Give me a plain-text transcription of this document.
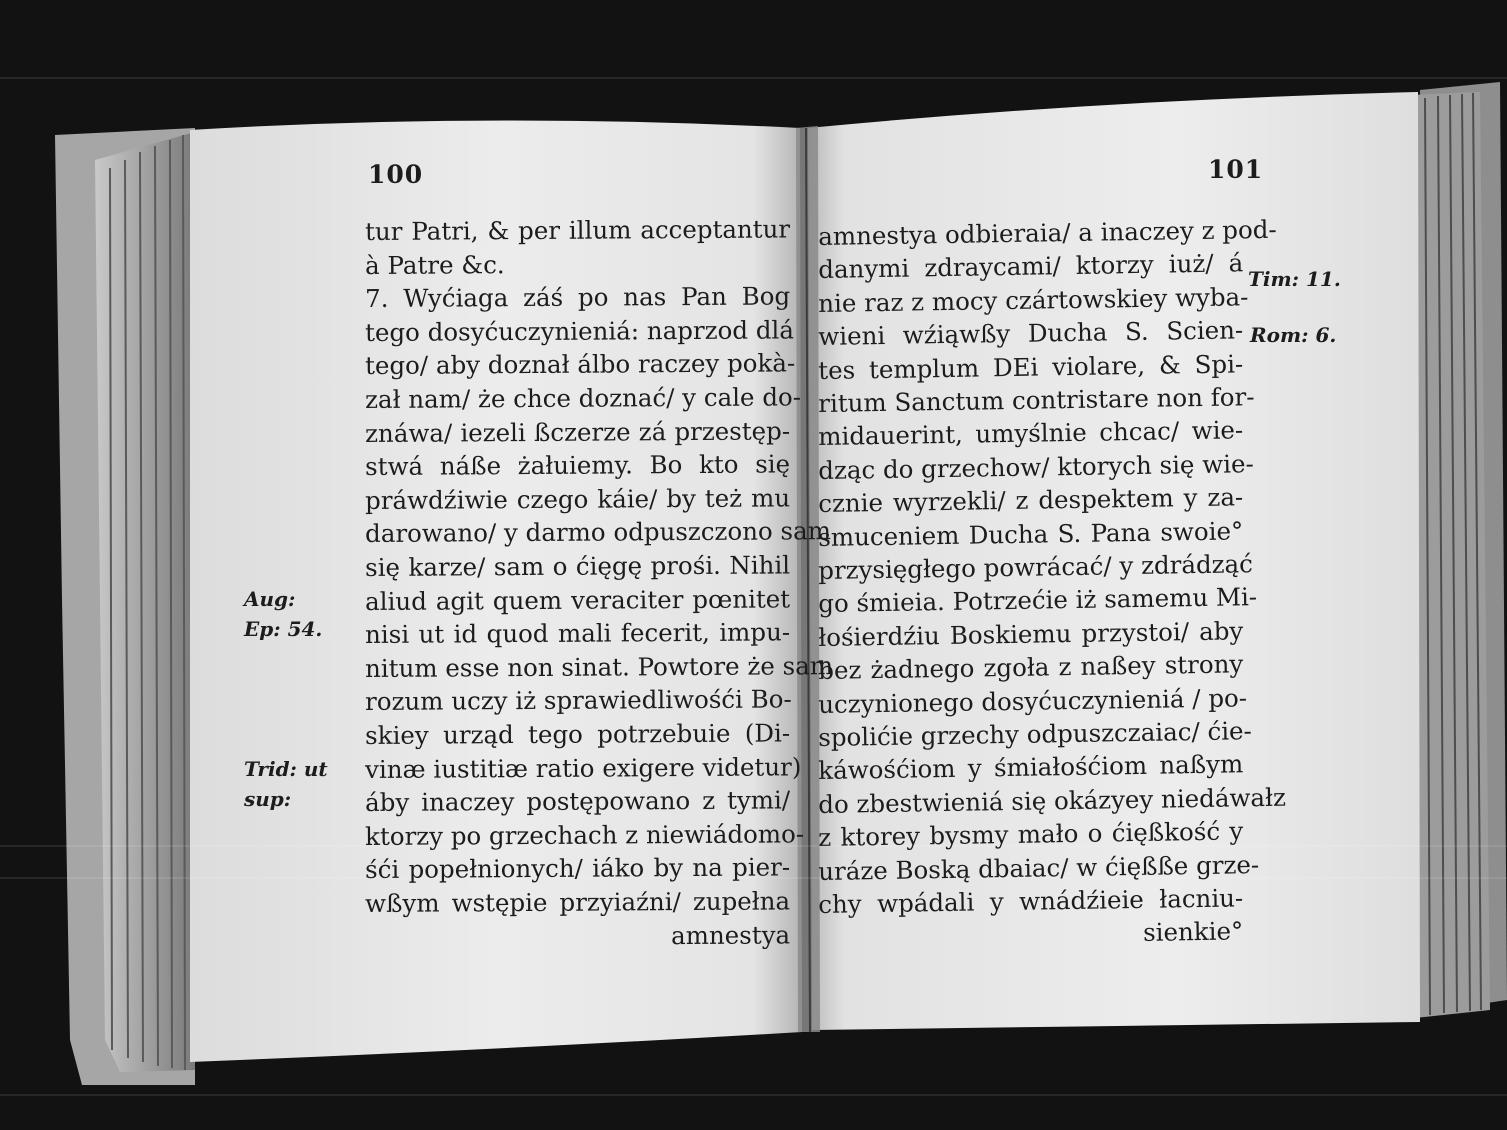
100
tur Patri, & per illum acceptantur
à Patre &c.
7. Wyćiaga záś po nas Pan Bog
tego dosyćuczynieniá: naprzod dlá
tego/ aby doznał álbo raczey pokà-
zał nam/ że chce doznać/ y cale do-
znáwa/ iezeli ßczerze zá przestęp-
stwá náße żałuiemy. Bo kto się
práwdźiwie czego káie/ by też mu
darowano/ y darmo odpuszczono sam
się karze/ sam o ćięgę prośi. Nihil
aliud agit quem veraciter pœnitet
nisi ut id quod mali fecerit, impu-
nitum esse non sinat. Powtore że sam
rozum uczy iż sprawiedliwośći Bo-
skiey urząd tego potrzebuie (Di-
vinæ iustitiæ ratio exigere videtur)
áby inaczey postępowano z tymi/
ktorzy po grzechach z niewiádomo-
śći popełnionych/ iáko by na pier-
wßym wstępie przyiaźni/ zupełna
amnestya
Aug:
Ep: 54.
Trid: ut
sup:
101
amnestya odbieraia/ a inaczey z pod-
danymi zdraycami/ ktorzy iuż/ á
nie raz z mocy czártowskiey wyba-
wieni wźiąwßy Ducha S. Scien-
tes templum DEi violare, & Spi-
ritum Sanctum contristare non for-
midauerint, umyślnie chcac/ wie-
dząc do grzechow/ ktorych się wie-
cznie wyrzekli/ z despektem y za-
smuceniem Ducha S. Pana swoie°
przysięgłego powrácać/ y zdrádząć
go śmieia. Potrzećie iż samemu Mi-
łośierdźiu Boskiemu przystoi/ aby
bez żadnego zgoła z naßey strony
uczynionego dosyćuczynieniá / po-
spolićie grzechy odpuszczaiac/ ćie-
káwośćiom y śmiałośćiom naßym
do zbestwieniá się okázyey niedáwałz
z ktorey bysmy mało o ćięßkość y
uráze Boską dbaiac/ w ćięßße grze-
chy wpádali y wnádźieie łacniu-
sienkie°
Tim: 11.
Rom: 6.
